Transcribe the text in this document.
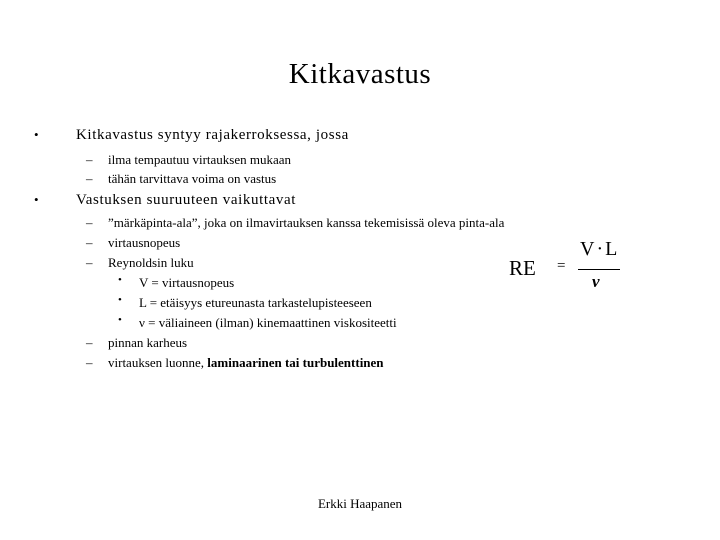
Kitkavastus
• Kitkavastus syntyy rajakerroksessa, jossa
– ilma tempautuu virtauksen mukaan
– tähän tarvittava voima on vastus
• Vastuksen suuruuteen vaikuttavat
– ”märkäpinta-ala”, joka on ilmavirtauksen kanssa tekemisissä oleva pinta-ala
– virtausnopeus
– Reynoldsin luku
• V = virtausnopeus
• L = etäisyys etureunasta tarkastelupisteeseen
• ν = väliaineen (ilman) kinemaattinen viskositeetti
– pinnan karheus
– virtauksen luonne, laminaarinen tai turbulenttinen
RE =
V·L
ν
Erkki Haapanen
